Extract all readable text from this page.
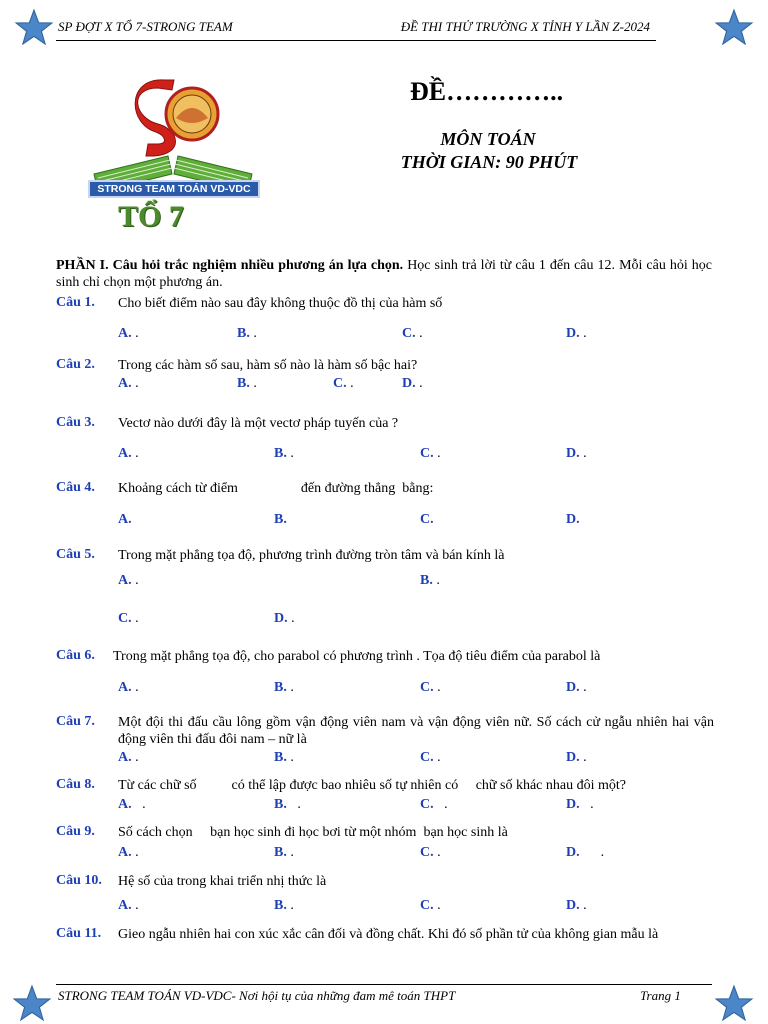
SP ĐỢT X TỔ 7-STRONG TEAM	ĐỀ THI THỬ TRƯỜNG X TỈNH Y LẦN Z-2024
STRONG TEAM TOÁN VD-VDC
TỔ 7
ĐỀ…………..
MÔN TOÁN
THỜI GIAN: 90 PHÚT
PHẦN I. Câu hỏi trắc nghiệm nhiều phương án lựa chọn. Học sinh trả lời từ câu 1 đến câu 12. Mỗi câu hỏi học sinh chỉ chọn một phương án.
Câu 1. Cho biết điểm nào sau đây không thuộc đồ thị của hàm số
A. .	B. .	C. .	D. .
Câu 2. Trong các hàm số sau, hàm số nào là hàm số bậc hai?
A. .	B. .	C. .	D. .
Câu 3. Vectơ nào dưới đây là một vectơ pháp tuyến của ?
A. .	B. .	C. .	D. .
Câu 4. Khoảng cách từ điểm                  đến đường thẳng  bằng:
A.	B.	C.	D.
Câu 5. Trong mặt phẳng tọa độ, phương trình đường tròn tâm và bán kính là
A. .	B. .
C. .	D. .
Câu 6. Trong mặt phẳng tọa độ, cho parabol có phương trình . Tọa độ tiêu điểm của parabol là
A. .	B. .	C. .	D. .
Câu 7. Một đội thi đấu cầu lông gồm vận động viên nam và vận động viên nữ. Số cách cử ngẫu nhiên hai vận động viên thi đấu đôi nam – nữ là
A. .	B. .	C. .	D. .
Câu 8. Từ các chữ số          có thể lập được bao nhiêu số tự nhiên có     chữ số khác nhau đôi một?
A.   .	B.   .	C.   .	D.   .
Câu 9. Số cách chọn     bạn học sinh đi học bơi từ một nhóm  bạn học sinh là
A. .	B. .	C. .	D.      .
Câu 10. Hệ số của trong khai triển nhị thức là
A. .	B. .	C. .	D. .
Câu 11. Gieo ngẫu nhiên hai con xúc xắc cân đối và đồng chất. Khi đó số phần tử của không gian mẫu là
STRONG TEAM TOÁN VD-VDC- Nơi hội tụ của những đam mê toán THPT	Trang 1
